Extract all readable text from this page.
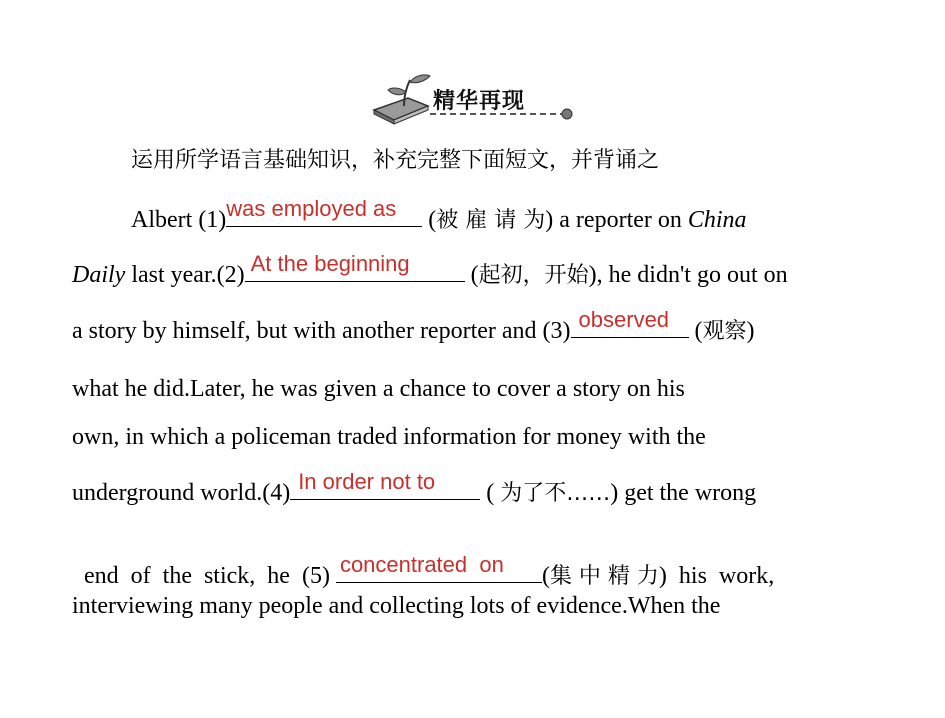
精华再现
运用所学语言基础知识，补充完整下面短文，并背诵之
Albert (1) was employed as (被 雇 请 为) a reporter on China
Daily last year.(2) At the beginning (起初，开始), he didn't go out on
a story by himself, but with another reporter and (3) observed (观察)
what he did.Later, he was given a chance to cover a story on his
own, in which a policeman traded information for money with the
underground world.(4) In order not to ( 为了不……) get the wrong

end  of  the  stick,  he  (5) concentrated  on (集 中 精 力)  his  work,

interviewing many people and collecting lots of evidence.When the
